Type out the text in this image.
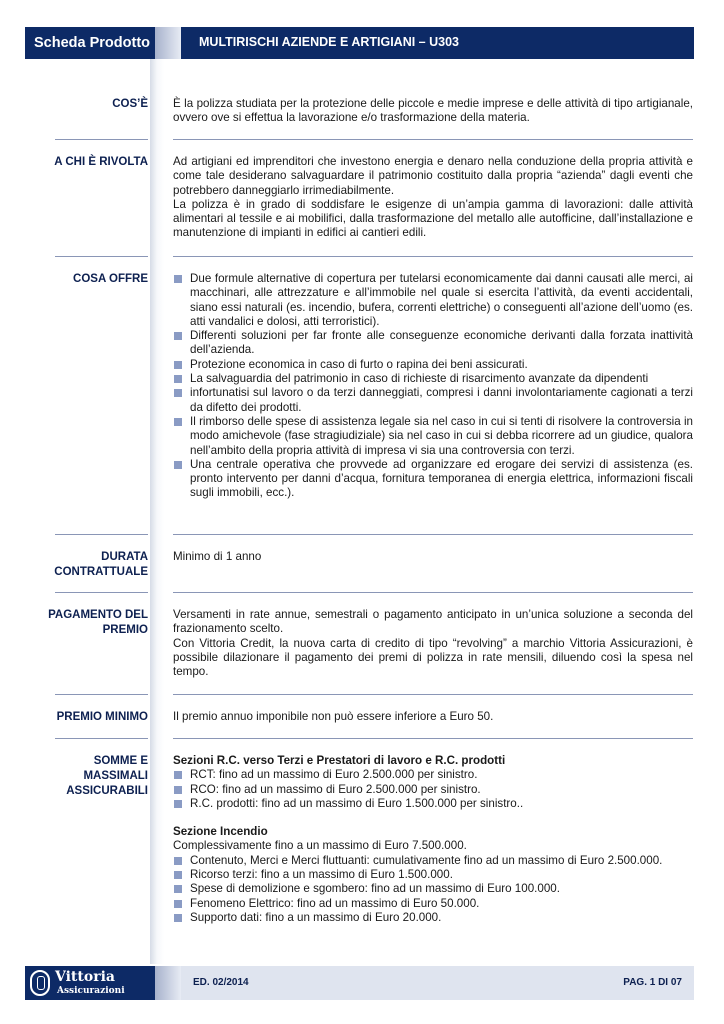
Scheda Prodotto	MULTIRISCHI AZIENDE E ARTIGIANI – U303
COS’È È la polizza studiata per la protezione delle piccole e medie imprese e delle attività di tipo artigianale, ovvero ove si effettua la lavorazione e/o trasformazione della materia.

A CHI È RIVOLTA Ad artigiani ed imprenditori che investono energia e denaro nella conduzione della propria attività e come tale desiderano salvaguardare il patrimonio costituito dalla propria “azienda” dagli eventi che potrebbero danneggiarlo irrimediabilmente.

La polizza è in grado di soddisfare le esigenze di un’ampia gamma di lavorazioni: dalle attività alimentari al tessile e ai mobilifici, dalla trasformazione del metallo alle autofficine, dall’installazione e manutenzione di impianti in edifici ai cantieri edili.

COSA OFFRE	Due formule alternative di copertura per tutelarsi economicamente dai danni causati alle merci, ai macchinari, alle attrezzature e all’immobile nel quale si esercita l’attività, da eventi accidentali, siano essi naturali (es. incendio, bufera, correnti elettriche) o conseguenti all’azione dell’uomo (es. atti vandalici e dolosi, atti terroristici).
Differenti soluzioni per far fronte alle conseguenze economiche derivanti dalla forzata inattività dell’azienda.
Protezione economica in caso di furto o rapina dei beni assicurati.
La salvaguardia del patrimonio in caso di richieste di risarcimento avanzate da dipendenti
infortunatisi sul lavoro o da terzi danneggiati, compresi i danni involontariamente cagionati a terzi da difetto dei prodotti.
Il rimborso delle spese di assistenza legale sia nel caso in cui si tenti di risolvere la controversia in modo amichevole (fase stragiudiziale) sia nel caso in cui si debba ricorrere ad un giudice, qualora nell’ambito della propria attività di impresa vi sia una controversia con terzi.
Una centrale operativa che provvede ad organizzare ed erogare dei servizi di assistenza (es. pronto intervento per danni d’acqua, fornitura temporanea di energia elettrica, informazioni fiscali sugli immobili, ecc.).
DURATA
CONTRATTUALE

Minimo di 1 anno

PAGAMENTO DEL
PREMIO

Versamenti in rate annue, semestrali o pagamento anticipato in un’unica soluzione a seconda del frazionamento scelto.

Con Vittoria Credit, la nuova carta di credito di tipo “revolving” a marchio Vittoria Assicurazioni, è possibile dilazionare il pagamento dei premi di polizza in rate mensili, diluendo così la spesa nel tempo.

PREMIO MINIMO Il premio annuo imponibile non può essere inferiore a Euro 50.

SOMME E
MASSIMALI
ASSICURABILI

Sezioni R.C. verso Terzi e Prestatori di lavoro e R.C. prodotti

RCT: fino ad un massimo di Euro 2.500.000 per sinistro.
RCO: fino ad un massimo di Euro 2.500.000 per sinistro.
R.C. prodotti: fino ad un massimo di Euro 1.500.000 per sinistro..

Sezione Incendio

Complessivamente fino a un massimo di Euro 7.500.000.

Contenuto, Merci e Merci fluttuanti: cumulativamente fino ad un massimo di Euro 2.500.000.
Ricorso terzi: fino a un massimo di Euro 1.500.000.
Spese di demolizione e sgombero: fino ad un massimo di Euro 100.000.
Fenomeno Elettrico: fino ad un massimo di Euro 50.000.
Supporto dati: fino a un massimo di Euro 20.000.
Vittoria
Assicurazioni
ED. 02/2014	PAG. 1 DI 07
